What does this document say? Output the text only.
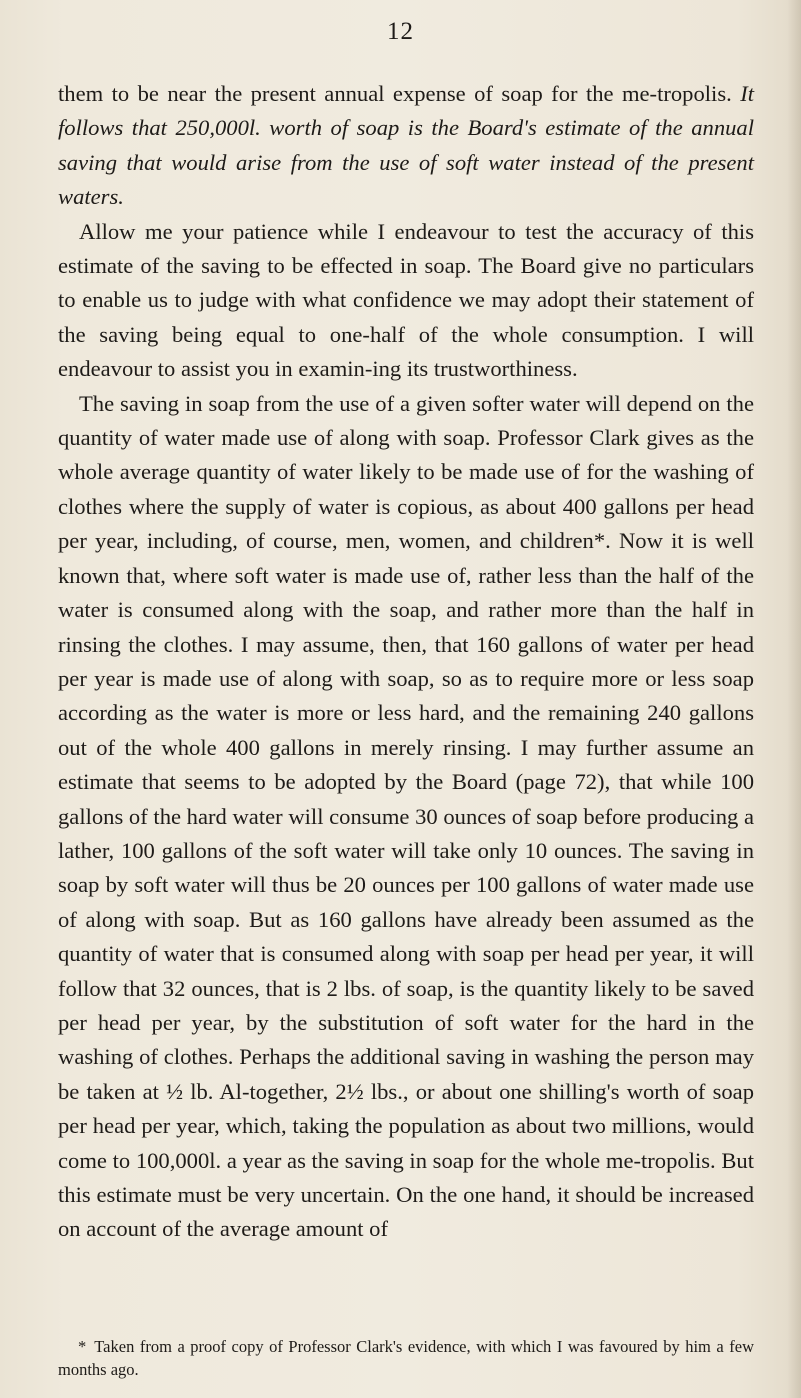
12

them to be near the present annual expense of soap for the me-tropolis. It follows that 250,000l. worth of soap is the Board's estimate of the annual saving that would arise from the use of soft water instead of the present waters.

Allow me your patience while I endeavour to test the accuracy of this estimate of the saving to be effected in soap. The Board give no particulars to enable us to judge with what confidence we may adopt their statement of the saving being equal to one-half of the whole consumption. I will endeavour to assist you in examin-ing its trustworthiness.

The saving in soap from the use of a given softer water will depend on the quantity of water made use of along with soap. Professor Clark gives as the whole average quantity of water likely to be made use of for the washing of clothes where the supply of water is copious, as about 400 gallons per head per year, including, of course, men, women, and children*. Now it is well known that, where soft water is made use of, rather less than the half of the water is consumed along with the soap, and rather more than the half in rinsing the clothes. I may assume, then, that 160 gallons of water per head per year is made use of along with soap, so as to require more or less soap according as the water is more or less hard, and the remaining 240 gallons out of the whole 400 gallons in merely rinsing. I may further assume an estimate that seems to be adopted by the Board (page 72), that while 100 gallons of the hard water will consume 30 ounces of soap before producing a lather, 100 gallons of the soft water will take only 10 ounces. The saving in soap by soft water will thus be 20 ounces per 100 gallons of water made use of along with soap. But as 160 gallons have already been assumed as the quantity of water that is consumed along with soap per head per year, it will follow that 32 ounces, that is 2 lbs. of soap, is the quantity likely to be saved per head per year, by the substitution of soft water for the hard in the washing of clothes. Perhaps the additional saving in washing the person may be taken at ½ lb. Al-together, 2½ lbs., or about one shilling's worth of soap per head per year, which, taking the population as about two millions, would come to 100,000l. a year as the saving in soap for the whole me-tropolis. But this estimate must be very uncertain. On the one hand, it should be increased on account of the average amount of

* Taken from a proof copy of Professor Clark's evidence, with which I was favoured by him a few months ago.
